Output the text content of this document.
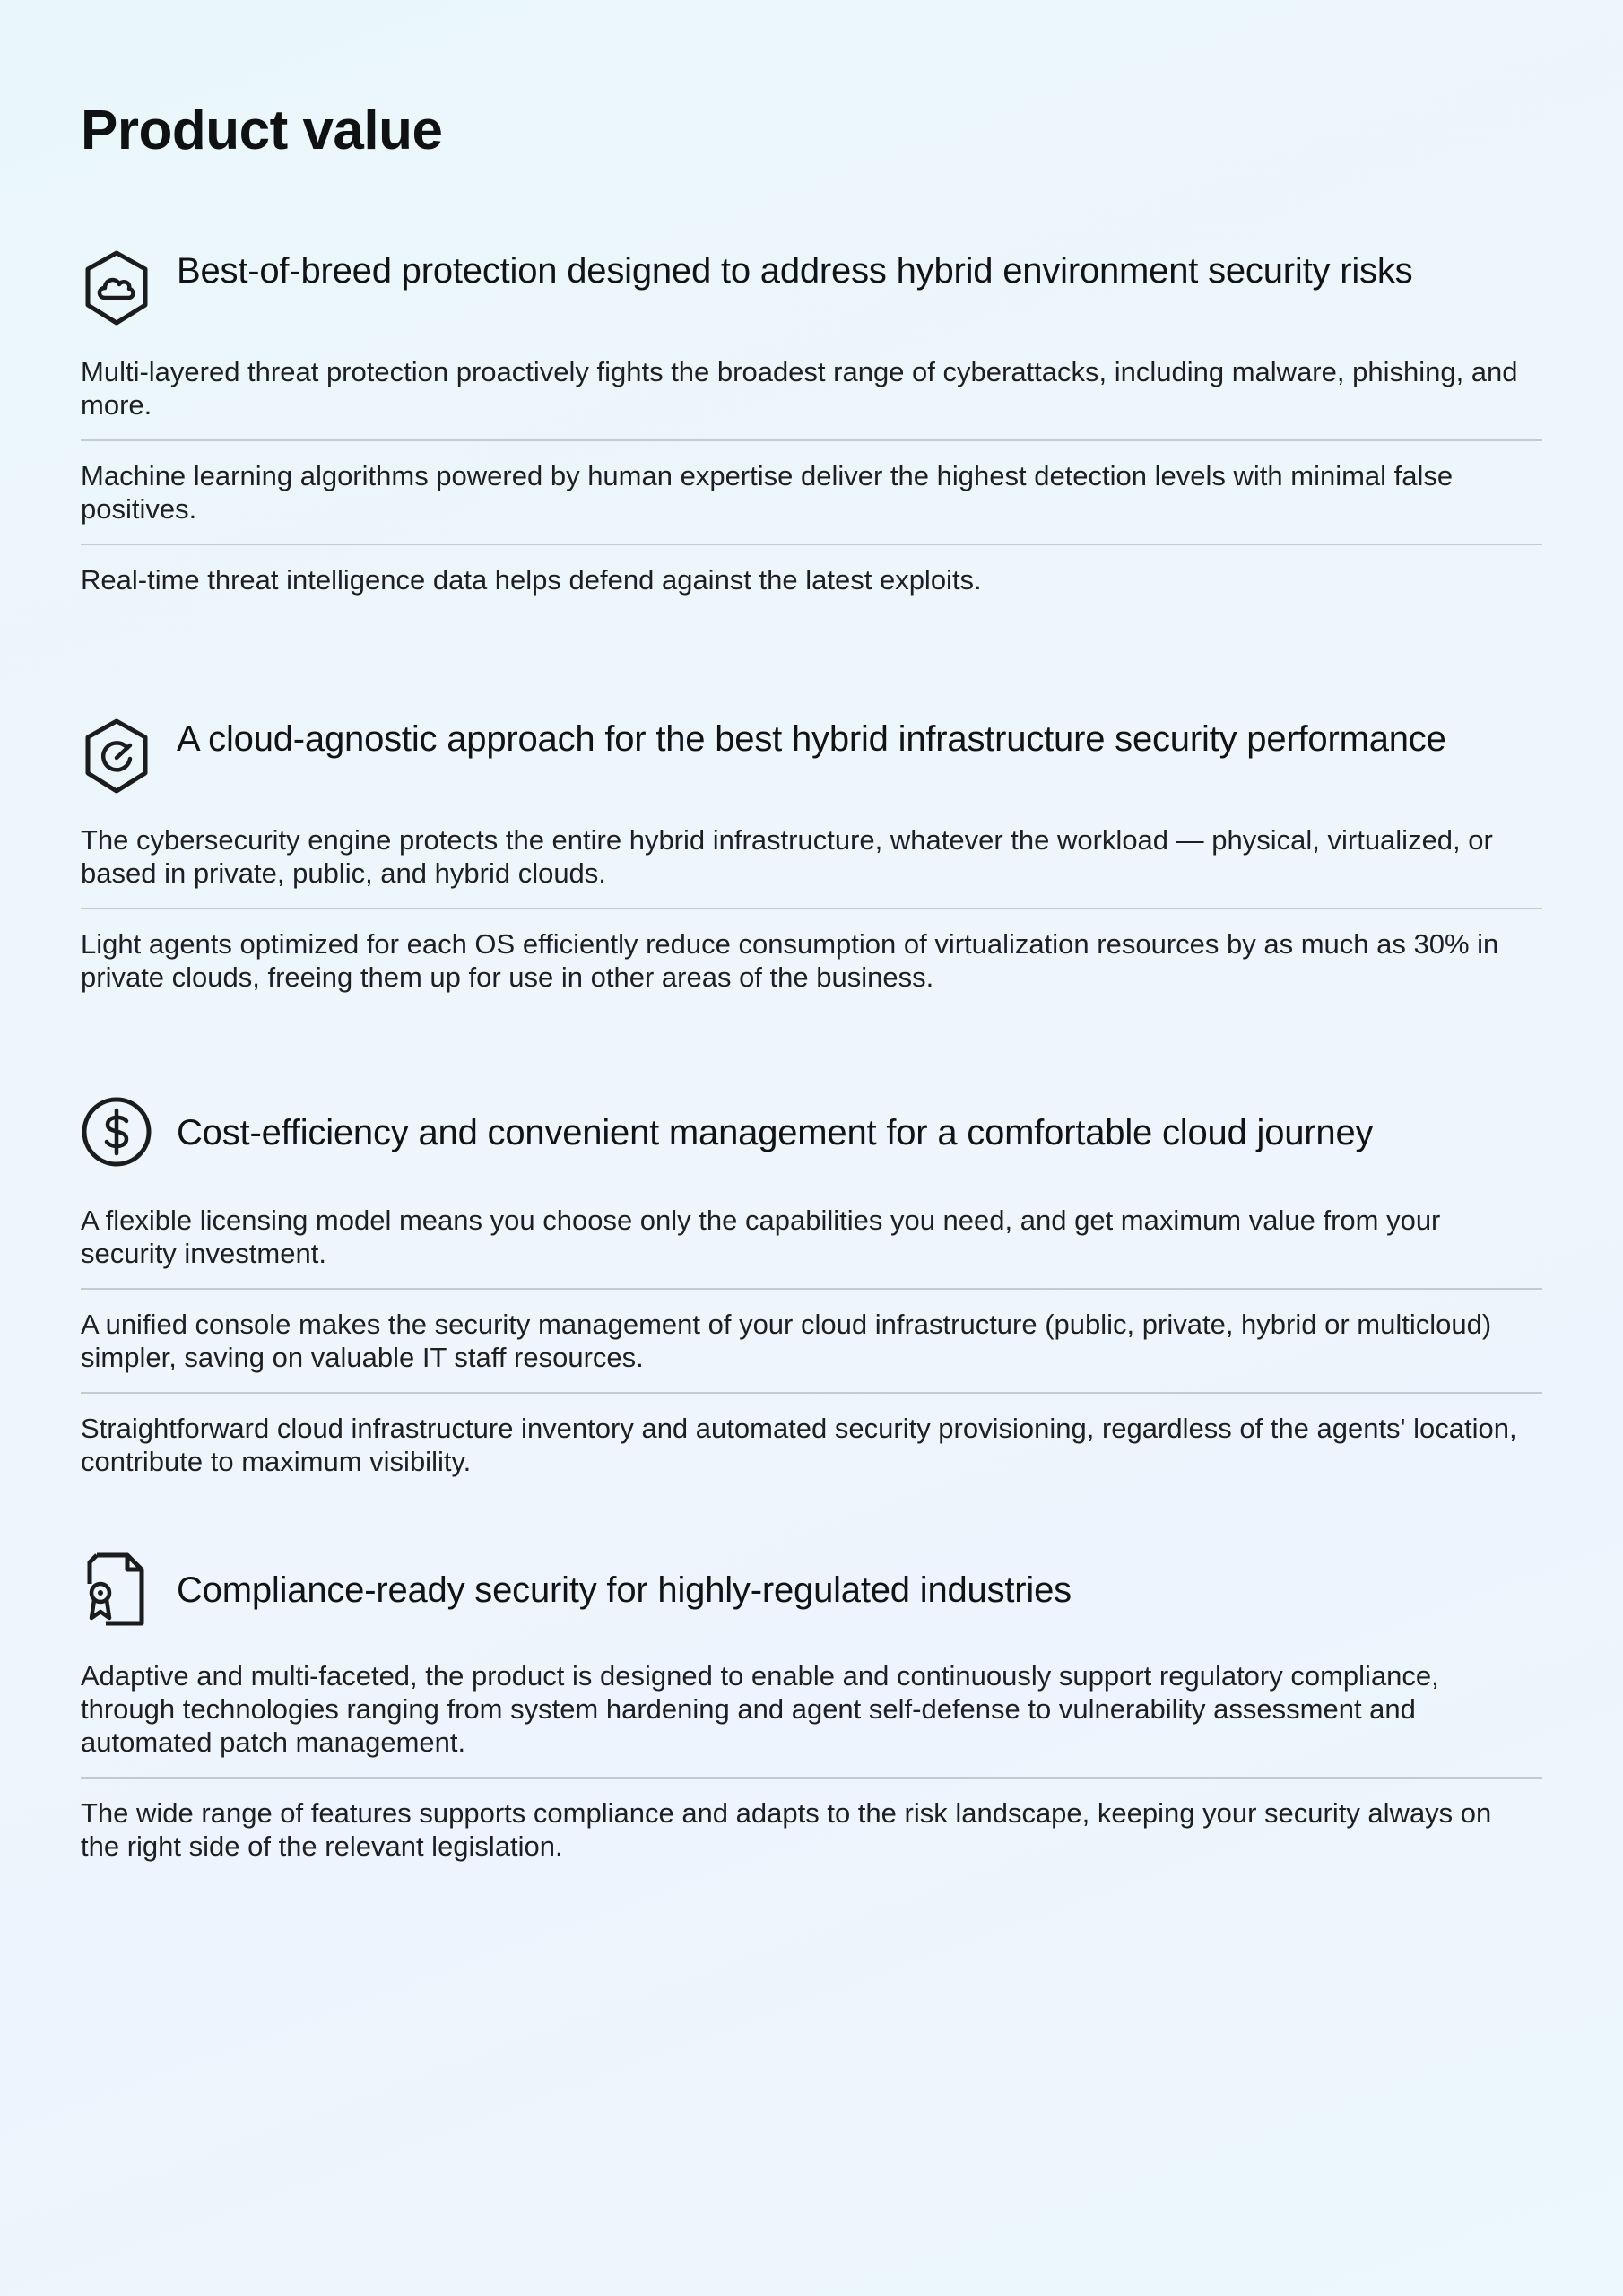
Product value
Best-of-breed protection designed to address hybrid environment security risks
Multi-layered threat protection proactively fights the broadest range of cyberattacks, including malware, phishing, and more.
Machine learning algorithms powered by human expertise deliver the highest detection levels with minimal false positives.
Real-time threat intelligence data helps defend against the latest exploits.
A cloud-agnostic approach for the best hybrid infrastructure security performance
The cybersecurity engine protects the entire hybrid infrastructure, whatever the workload — physical, virtualized, or based in private, public, and hybrid clouds.
Light agents optimized for each OS efficiently reduce consumption of virtualization resources by as much as 30% in private clouds, freeing them up for use in other areas of the business.
Cost-efficiency and convenient management for a comfortable cloud journey
A flexible licensing model means you choose only the capabilities you need, and get maximum value from your security investment.
A unified console makes the security management of your cloud infrastructure (public, private, hybrid or multicloud) simpler, saving on valuable IT staff resources.
Straightforward cloud infrastructure inventory and automated security provisioning, regardless of the agents' location, contribute to maximum visibility.
Compliance-ready security for highly-regulated industries
Adaptive and multi-faceted, the product is designed to enable and continuously support regulatory compliance, through technologies ranging from system hardening and agent self-defense to vulnerability assessment and automated patch management.
The wide range of features supports compliance and adapts to the risk landscape, keeping your security always on the right side of the relevant legislation.
